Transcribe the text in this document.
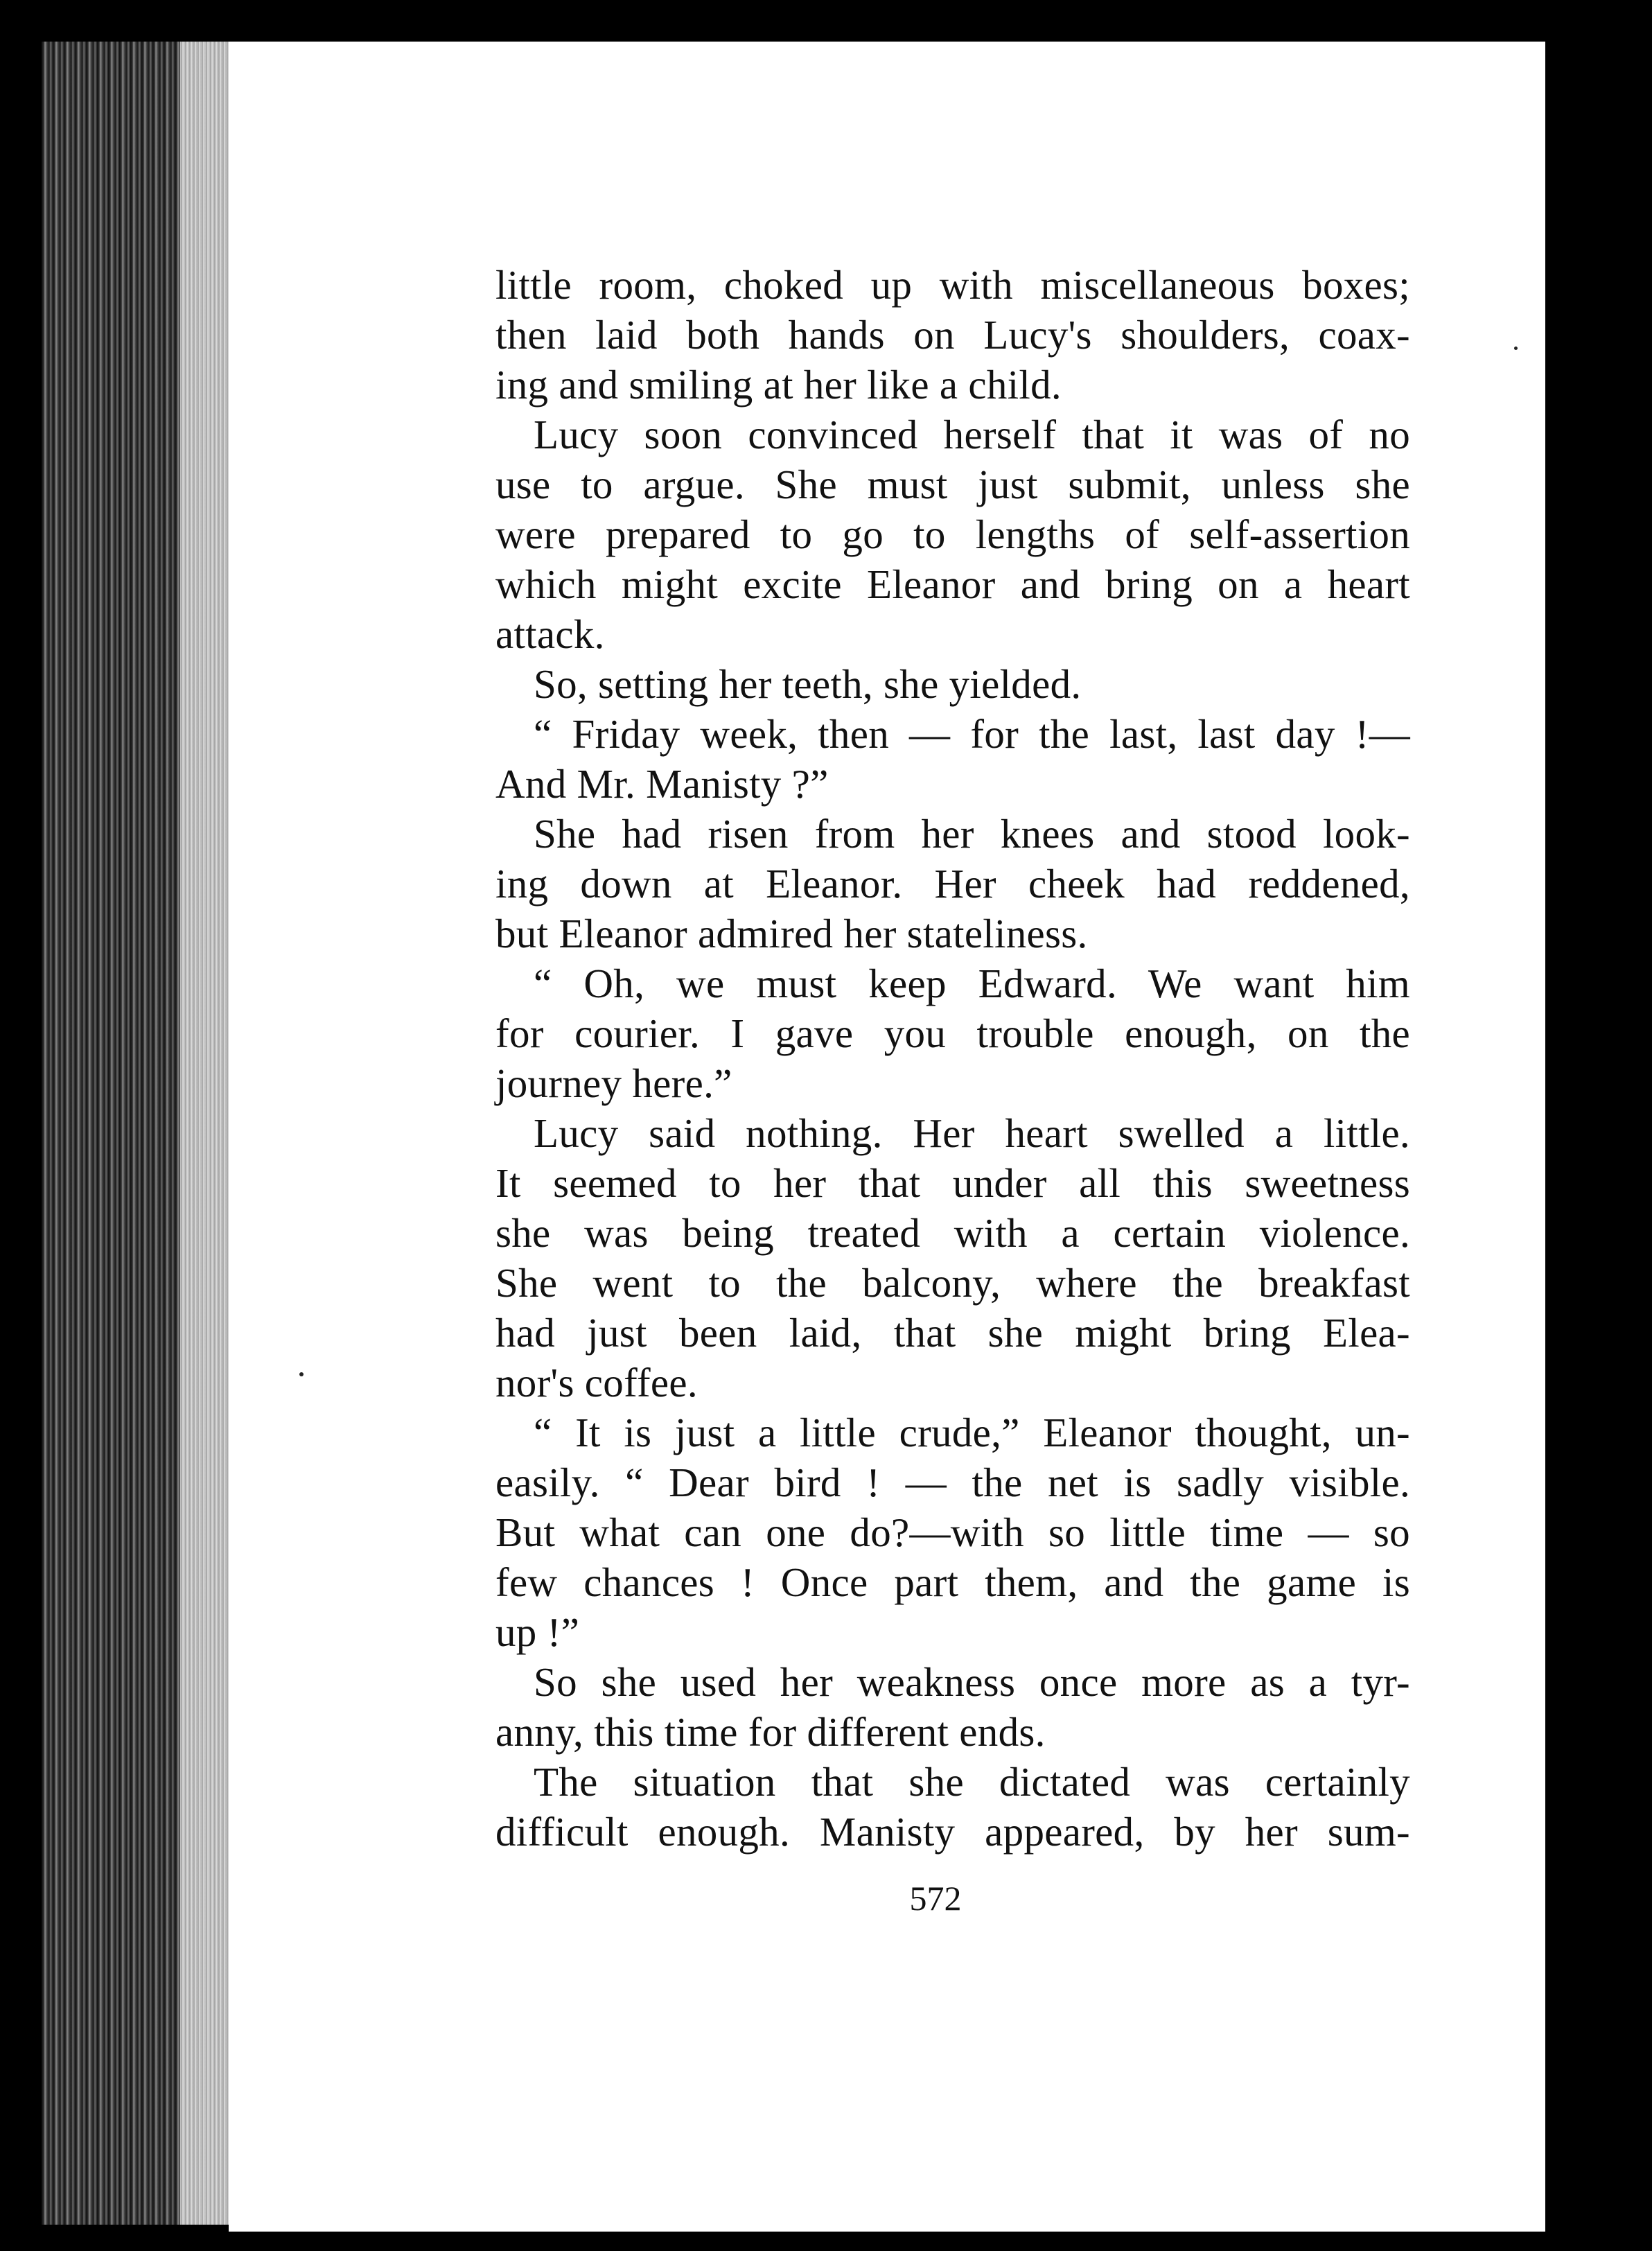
little room, choked up with miscellaneous boxes;
then laid both hands on Lucy's shoulders, coax-
ing and smiling at her like a child.
Lucy soon convinced herself that it was of no
use to argue. She must just submit, unless she
were prepared to go to lengths of self-assertion
which might excite Eleanor and bring on a heart
attack.
So, setting her teeth, she yielded.
“ Friday week, then — for the last, last day !—
And Mr. Manisty ?”
She had risen from her knees and stood look-
ing down at Eleanor. Her cheek had reddened,
but Eleanor admired her stateliness.
“ Oh, we must keep Edward. We want him
for courier. I gave you trouble enough, on the
journey here.”
Lucy said nothing. Her heart swelled a little.
It seemed to her that under all this sweetness
she was being treated with a certain violence.
She went to the balcony, where the breakfast
had just been laid, that she might bring Elea-
nor's coffee.
“ It is just a little crude,” Eleanor thought, un-
easily. “ Dear bird ! — the net is sadly visible.
But what can one do?—with so little time — so
few chances ! Once part them, and the game is
up !”
So she used her weakness once more as a tyr-
anny, this time for different ends.
The situation that she dictated was certainly
difficult enough. Manisty appeared, by her sum-
572
